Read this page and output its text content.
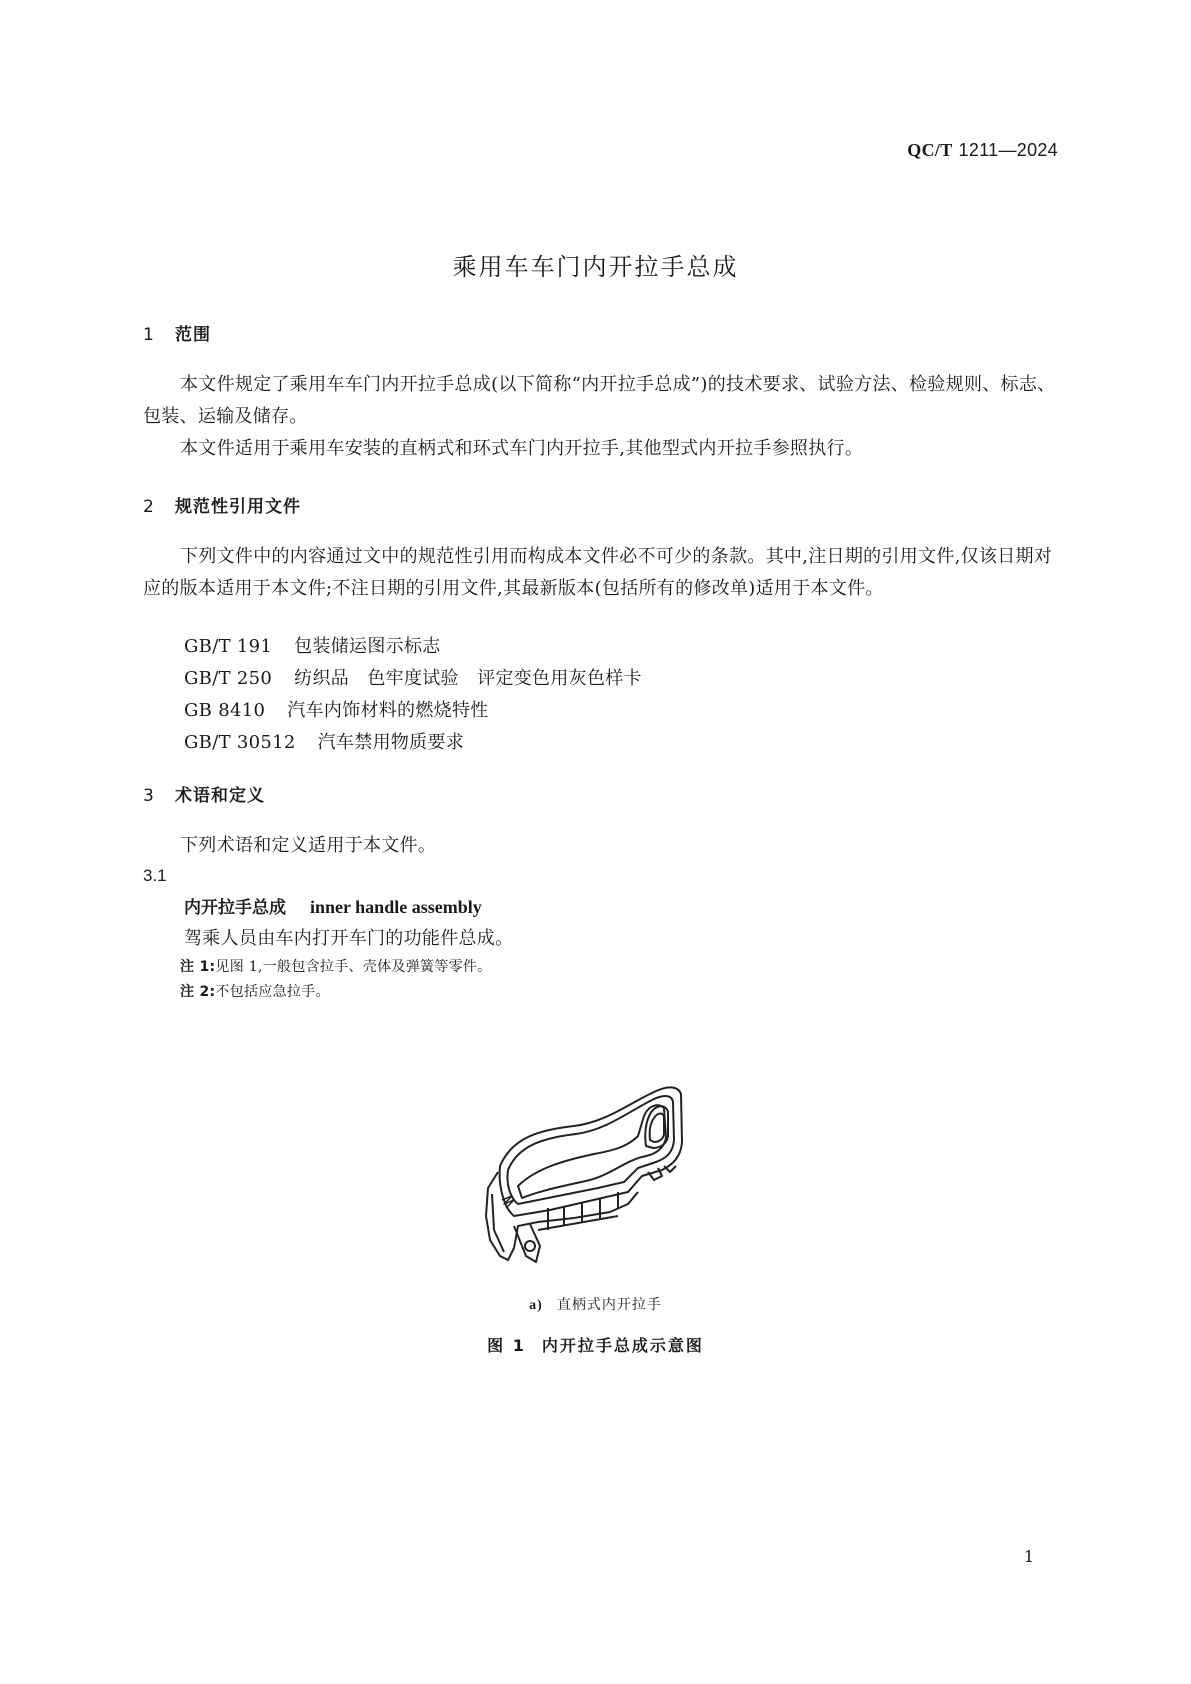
QC/T 1211—2024
乘用车车门内开拉手总成
1 范围

本文件规定了乘用车车门内开拉手总成(以下简称“内开拉手总成”)的技术要求、试验方法、检验规则、标志、包装、运输及储存。

本文件适用于乘用车安装的直柄式和环式车门内开拉手,其他型式内开拉手参照执行。

2 规范性引用文件

下列文件中的内容通过文中的规范性引用而构成本文件必不可少的条款。其中,注日期的引用文件,仅该日期对应的版本适用于本文件;不注日期的引用文件,其最新版本(包括所有的修改单)适用于本文件。

GB/T 191 包装储运图示标志
GB/T 250 纺织品　色牢度试验　评定变色用灰色样卡
GB 8410 汽车内饰材料的燃烧特性
GB/T 30512 汽车禁用物质要求
3 术语和定义

下列术语和定义适用于本文件。

3.1
内开拉手总成 inner handle assembly
驾乘人员由车内打开车门的功能件总成。
注 1:见图 1,一般包含拉手、壳体及弹簧等零件。
注 2:不包括应急拉手。
a) 直柄式内开拉手
图 1 内开拉手总成示意图
1
